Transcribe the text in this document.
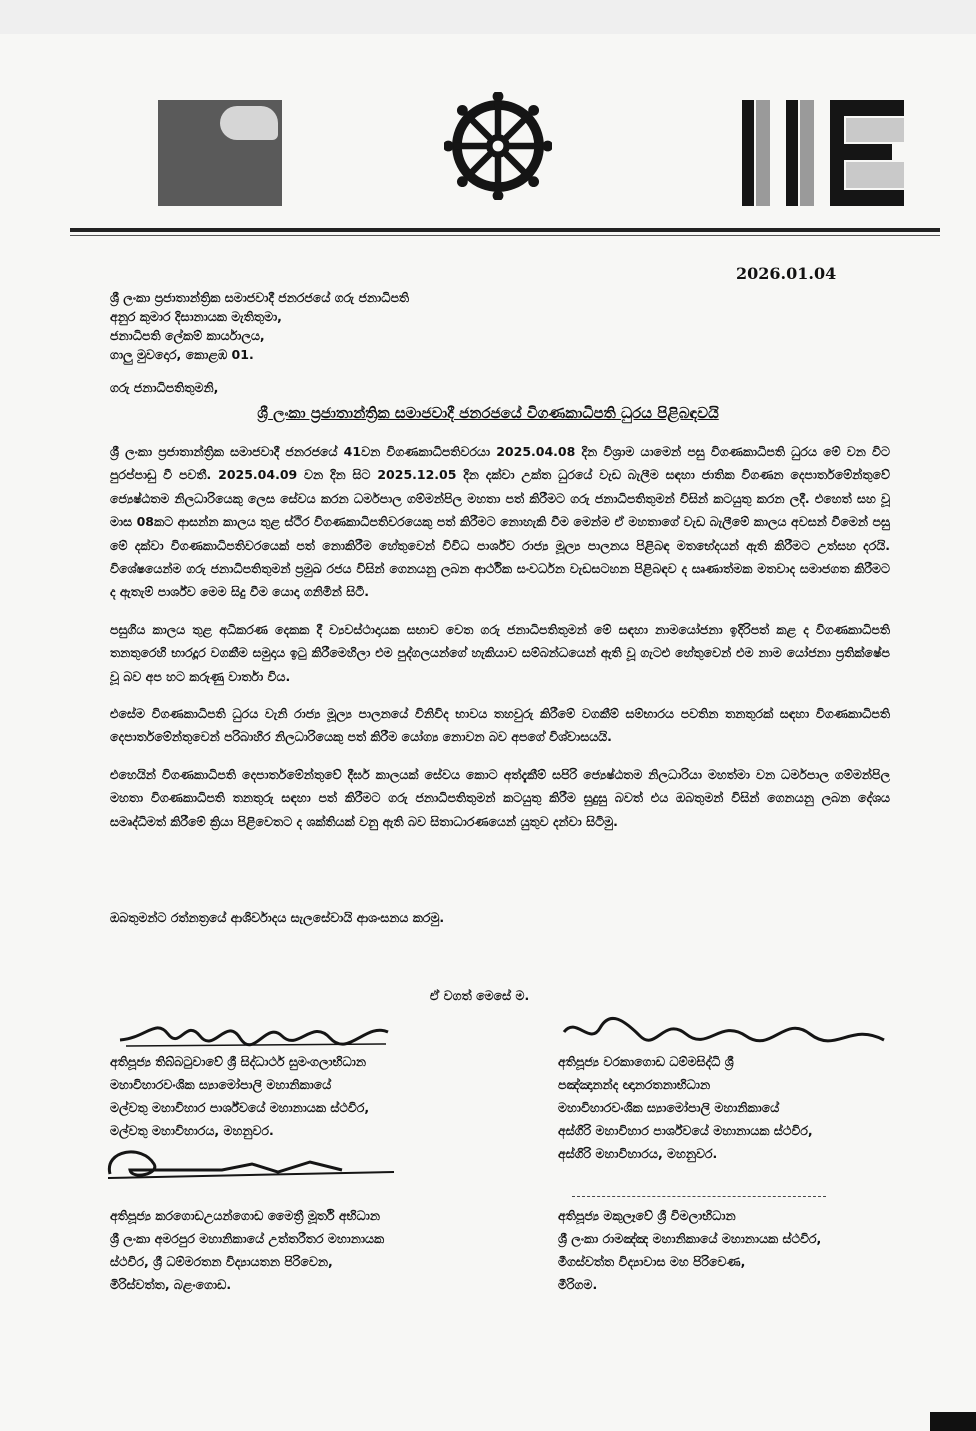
2026.01.04
ශ්‍රී ලංකා ප්‍රජාතාන්ත්‍රික සමාජවාදී ජනරජයේ ගරු ජනාධිපති
අනුර කුමාර දිසානායක මැතිතුමා,
ජනාධිපති ලේකම් කාර්යාලය,
ගාලු මුවදොර, කොළඹ 01.
ගරු ජනාධිපතිතුමනි,
ශ්‍රී ලංකා ප්‍රජාතාන්ත්‍රික සමාජවාදී ජනරජයේ විගණකාධිපති ධුරය පිළිබඳවයි

ශ්‍රී ලංකා ප්‍රජාතාන්ත්‍රික සමාජවාදී ජනරජයේ 41වන විගණකාධිපතිවරයා 2025.04.08 දින විශ්‍රාම යාමෙන් පසු විගණකාධිපති ධුරය මේ වන විට පුරප්පාඩු වී පවතී. 2025.04.09 වන දින සිට 2025.12.05 දින දක්වා උක්ත ධුරයේ වැඩ බැලීම සඳහා ජාතික විගණන දෙපාර්තමේන්තුවේ ජ්‍යෙෂ්ඨතම නිලධාරියෙකු ලෙස සේවය කරන ධර්මපාල ගම්මන්පිල මහතා පත් කිරීමට ගරු ජනාධිපතිතුමන් විසින් කටයුතු කරන ලදී. එහෙත් සහ වූ මාස 08කට ආසන්න කාලය තුළ ස්ථිර විගණකාධිපතිවරයෙකු පත් කිරීමට නොහැකි වීම මෙන්ම ඒ මහතාගේ වැඩ බැලීමේ කාලය අවසන් වීමෙන් පසු මේ දක්වා විගණකාධිපතිවරයෙක් පත් නොකිරීම හේතුවෙන් විවිධ පාර්ශ්ව රාජ්‍ය මූල්‍ය පාලනය පිළිබඳ මතභේදයන් ඇති කිරීමට උත්සහ දරයි. විශේෂයෙන්ම ගරු ජනාධිපතිතුමන් ප්‍රමුඛ රජය විසින් ගෙනයනු ලබන ආර්ථික සංවර්ධන වැඩසටහන පිළිබඳව ද සෘණාත්මක මතවාද සමාජගත කිරීමට ද ඇතැම් පාර්ශ්ව මෙම සිදු වීම යොදා ගනිමින් සිටී.

පසුගිය කාලය තුළ අධිකරණ දෙකක දී ව්‍යවස්ථාදායක සභාව වෙත ගරු ජනාධිපතිතුමන් මේ සඳහා නාමයෝජනා ඉදිරිපත් කළ ද විගණකාධිපති තනතුරෙහි භාරදූර වගකීම සමුදාය ඉටු කිරීමෙහිලා එම පුද්ගලයන්ගේ හැකියාව සම්බන්ධයෙන් ඇති වූ ගැටළු හේතුවෙන් එම නාම යෝජනා ප්‍රතික්ෂේප වූ බව අප හට කරුණු වාර්තා විය.

එසේම විගණකාධිපති ධුරය වැනි රාජ්‍ය මූල්‍ය පාලනයේ විනිවිද භාවය තහවුරු කිරීමේ වගකීම් සම්භාරය පවතින තනතුරක් සඳහා විගණකාධිපති දෙපාර්තමේන්තුවෙන් පරිබාහිර නිලධාරියෙකු පත් කිරීම යෝග්‍ය නොවන බව අපගේ විශ්වාසයයි.

එහෙයින් විගණකාධිපති දෙපාර්තමේන්තුවේ දීර්ඝ කාලයක් සේවය කොට අත්දැකීම් සපිරි ජ්‍යෙෂ්ඨතම නිලධාරියා මහත්මා වන ධර්මපාල ගම්මන්පිල මහතා විගණකාධිපති තනතුරු සඳහා පත් කිරීමට ගරු ජනාධිපතිතුමන් කටයුතු කිරීම සුදුසු බවත් එය ඔබතුමන් විසින් ගෙනයනු ලබන දේශය සමෘද්ධිමත් කිරීමේ ක්‍රියා පිළිවෙතට ද ශක්තියක් වනු ඇති බව සිතාධාරණයෙන් යුතුව දන්වා සිටිමු.

ඔබතුමන්ට රත්නත්‍රයේ ආශිර්වාදය සැලසේවායි ආශංසනය කරමු.
ඒ වගත් මෙසේ ම.
අතිපූජ්‍ය තිබ්බටුවාවේ ශ්‍රී සිද්ධාර්ථ සුමංගලාභිධාන
මහාවිහාරවංශික ස්‍යාමෝපාලි මහානිකායේ
මල්වතු මහාවිහාර පාර්ශ්වයේ මහානායක ස්ථවිර,
මල්වතු මහාවිහාරය, මහනුවර.
අතිපූජ්‍ය වරකාගොඩ ධම්මසිද්ධි ශ්‍රී
පඤ්ඤානන්ද ඥානරතනාභිධාන
මහාවිහාරවංශික ස්‍යාමෝපාලි මහානිකායේ
අස්ගිරි මහාවිහාර පාර්ශ්වයේ මහානායක ස්ථවිර,
අස්ගිරි මහාවිහාරය, මහනුවර.
අතිපූජ්‍ය කරගොඩඋයන්ගොඩ මෛත්‍රී මූර්ති අභිධාන
ශ්‍රී ලංකා අමරපුර මහානිකායේ උත්තරීතර මහානායක
ස්ථවිර, ශ්‍රී ධම්මරතන විද්‍යායතන පිරිවෙන,
මිරිස්වත්ත, බළංගොඩ.
අතිපූජ්‍ය මකුලෑවේ ශ්‍රී විමලාභිධාන
ශ්‍රී ලංකා රාමඤ්ඤ මහානිකායේ මහානායක ස්ථවිර,
මීගස්වත්ත විද්‍යාවාස මහ පිරිවෙණ,
මීරිගම.
